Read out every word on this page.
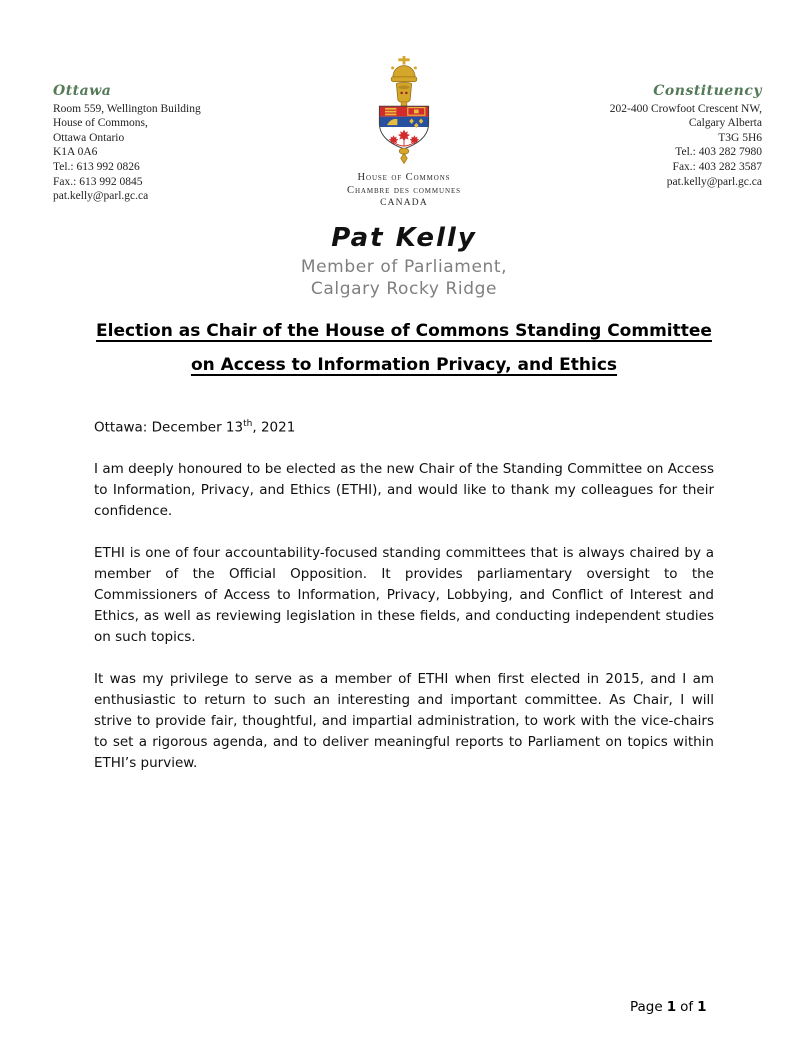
Ottawa
Room 559, Wellington Building
House of Commons,
Ottawa Ontario
K1A 0A6
Tel.: 613 992 0826
Fax.: 613 992 0845
pat.kelly@parl.gc.ca
Constituency
202-400 Crowfoot Crescent NW,
Calgary Alberta
T3G 5H6
Tel.: 403 282 7980
Fax.: 403 282 3587
pat.kelly@parl.gc.ca
House of Commons
Chambre des communes
CANADA
Pat Kelly
Member of Parliament,
Calgary Rocky Ridge
Election as Chair of the House of Commons Standing Committee
on Access to Information Privacy, and Ethics
Ottawa: December 13th, 2021

I am deeply honoured to be elected as the new Chair of the Standing Committee on Access to Information, Privacy, and Ethics (ETHI), and would like to thank my colleagues for their confidence.

ETHI is one of four accountability-focused standing committees that is always chaired by a member of the Official Opposition. It provides parliamentary oversight to the Commissioners of Access to Information, Privacy, Lobbying, and Conflict of Interest and Ethics, as well as reviewing legislation in these fields, and conducting independent studies on such topics.

It was my privilege to serve as a member of ETHI when first elected in 2015, and I am enthusiastic to return to such an interesting and important committee. As Chair, I will strive to provide fair, thoughtful, and impartial administration, to work with the vice-chairs to set a rigorous agenda, and to deliver meaningful reports to Parliament on topics within ETHI’s purview.

Page 1 of 1
